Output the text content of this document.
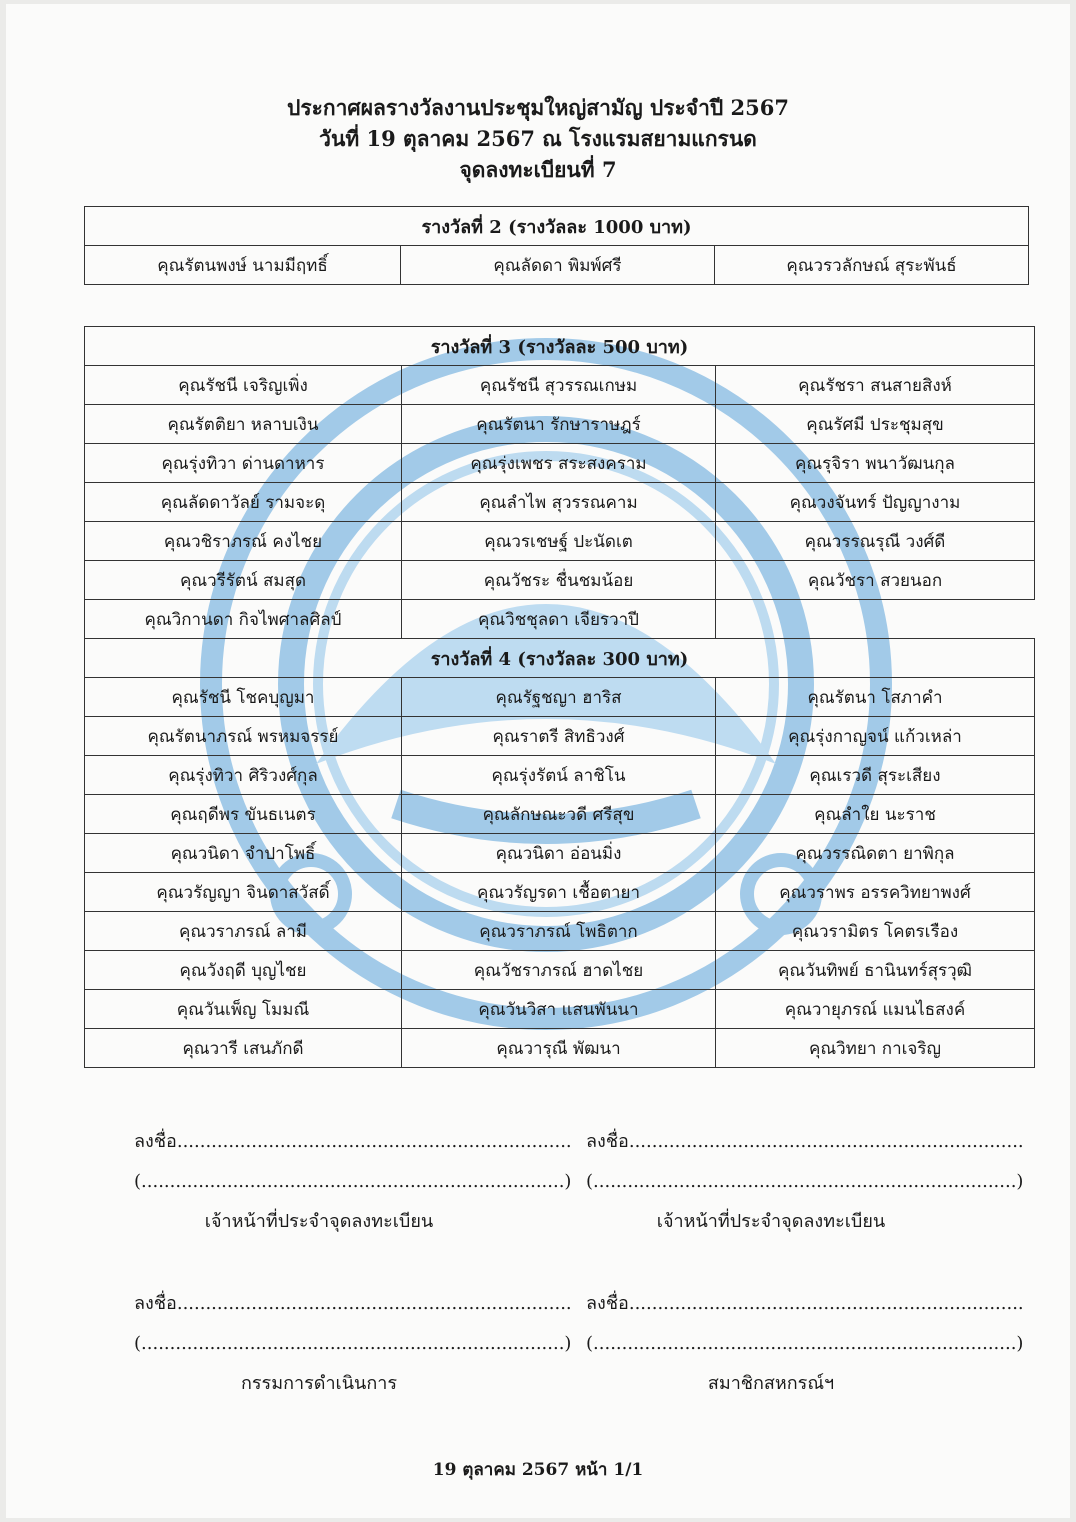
ประกาศผลรางวัลงานประชุมใหญ่สามัญ ประจำปี 2567
วันที่ 19 ตุลาคม 2567 ณ โรงแรมสยามแกรนด
จุดลงทะเบียนที่ 7
รางวัลที่ 2 (รางวัลละ 1000 บาท)
คุณรัตนพงษ์ นามมีฤทธิ์	คุณลัดดา พิมพ์ศรี	คุณวรวลักษณ์ สุระพันธ์
รางวัลที่ 3 (รางวัลละ 500 บาท)		
คุณรัชนี เจริญเพิ่ง	คุณรัชนี สุวรรณเกษม	คุณรัชรา สนสายสิงห์
คุณรัตติยา หลาบเงิน	คุณรัตนา รักษาราษฎร์	คุณรัศมี ประชุมสุข
คุณรุ่งทิวา ด่านดาหาร	คุณรุ่งเพชร สระสงคราม	คุณรุจิรา พนาวัฒนกุล
คุณลัดดาวัลย์ รามจะดุ	คุณลำไพ สุวรรณคาม	คุณวงจันทร์ ปัญญางาม
คุณวชิราภรณ์ คงไชย	คุณวรเชษฐ์ ปะนัดเต	คุณวรรณรุณี วงศ์ดี
คุณวรีรัตน์ สมสุด	คุณวัชระ ชื่นชมน้อย	คุณวัชรา สวยนอก
คุณวิกานดา กิจไพศาลศิลป์	คุณวิชชุลดา เจียรวาปี	
รางวัลที่ 4 (รางวัลละ 300 บาท)		
คุณรัชนี โชคบุญมา	คุณรัฐชญา ฮาริส	คุณรัตนา โสภาคำ
คุณรัตนาภรณ์ พรหมจรรย์	คุณราตรี สิทธิวงศ์	คุณรุ่งกาญจน์ แก้วเหล่า
คุณรุ่งทิวา ศิริวงศ์กุล	คุณรุ่งรัตน์ ลาชิโน	คุณเรวดี สุระเสียง
คุณฤดีพร ขันธเนตร	คุณลักษณะวดี ศรีสุข	คุณลำใย นะราช
คุณวนิดา จำปาโพธิ์	คุณวนิดา อ่อนมิ่ง	คุณวรรณิดตา ยาพิกุล
คุณวรัญญา จินดาสวัสดิ์	คุณวรัญรดา เชื้อตายา	คุณวราพร อรรควิทยาพงศ์
คุณวราภรณ์ ลามี	คุณวราภรณ์ โพธิตาก	คุณวรามิตร โคตรเรือง
คุณวังฤดี บุญไชย	คุณวัชราภรณ์ ฮาดไชย	คุณวันทิพย์ ธานินทร์สุรวุฒิ
คุณวันเพ็ญ โมมณี	คุณวันวิสา แสนพันนา	คุณวายุภรณ์ แมนไธสงค์
คุณวารี เสนภักดี	คุณวารุณี พัฒนา	คุณวิทยา กาเจริญ
ลงชื่อ.....................................................................
(..........................................................................)
เจ้าหน้าที่ประจำจุดลงทะเบียน
ลงชื่อ.....................................................................
(..........................................................................)
เจ้าหน้าที่ประจำจุดลงทะเบียน
ลงชื่อ.....................................................................
(..........................................................................)
กรรมการดำเนินการ
ลงชื่อ.....................................................................
(..........................................................................)
สมาชิกสหกรณ์ฯ
19 ตุลาคม 2567 หน้า 1/1
